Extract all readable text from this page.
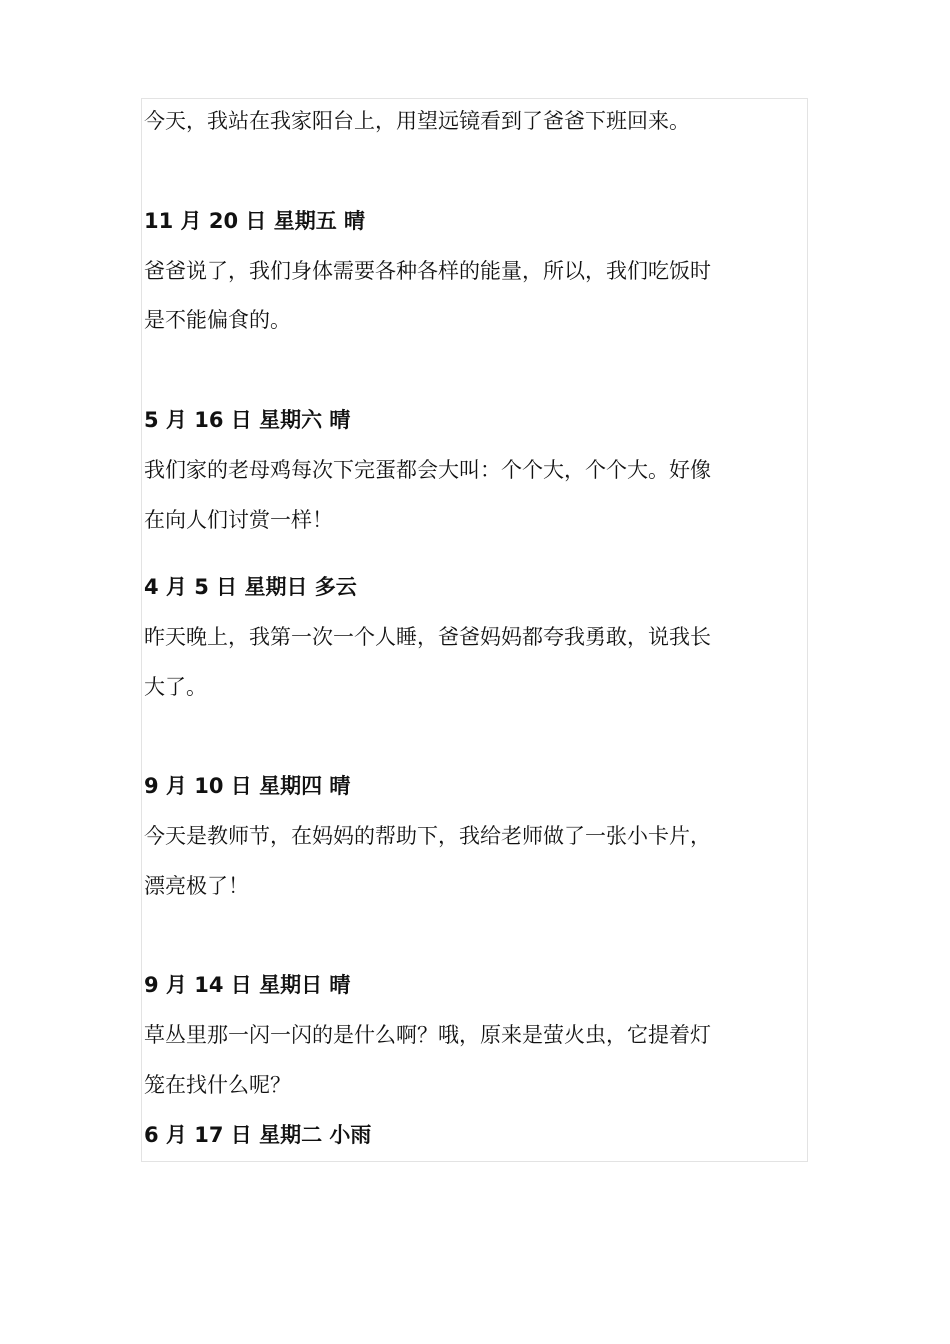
今天，我站在我家阳台上，用望远镜看到了爸爸下班回来。
11 月 20 日 星期五 晴
爸爸说了，我们身体需要各种各样的能量，所以，我们吃饭时
是不能偏食的。
5 月 16 日 星期六 晴
我们家的老母鸡每次下完蛋都会大叫：个个大，个个大。好像
在向人们讨赏一样！
4 月 5 日 星期日 多云
昨天晚上，我第一次一个人睡，爸爸妈妈都夸我勇敢，说我长
大了。
9 月 10 日 星期四 晴
今天是教师节，在妈妈的帮助下，我给老师做了一张小卡片，
漂亮极了！
9 月 14 日 星期日 晴
草丛里那一闪一闪的是什么啊？哦，原来是萤火虫，它提着灯
笼在找什么呢？
6 月 17 日 星期二 小雨
